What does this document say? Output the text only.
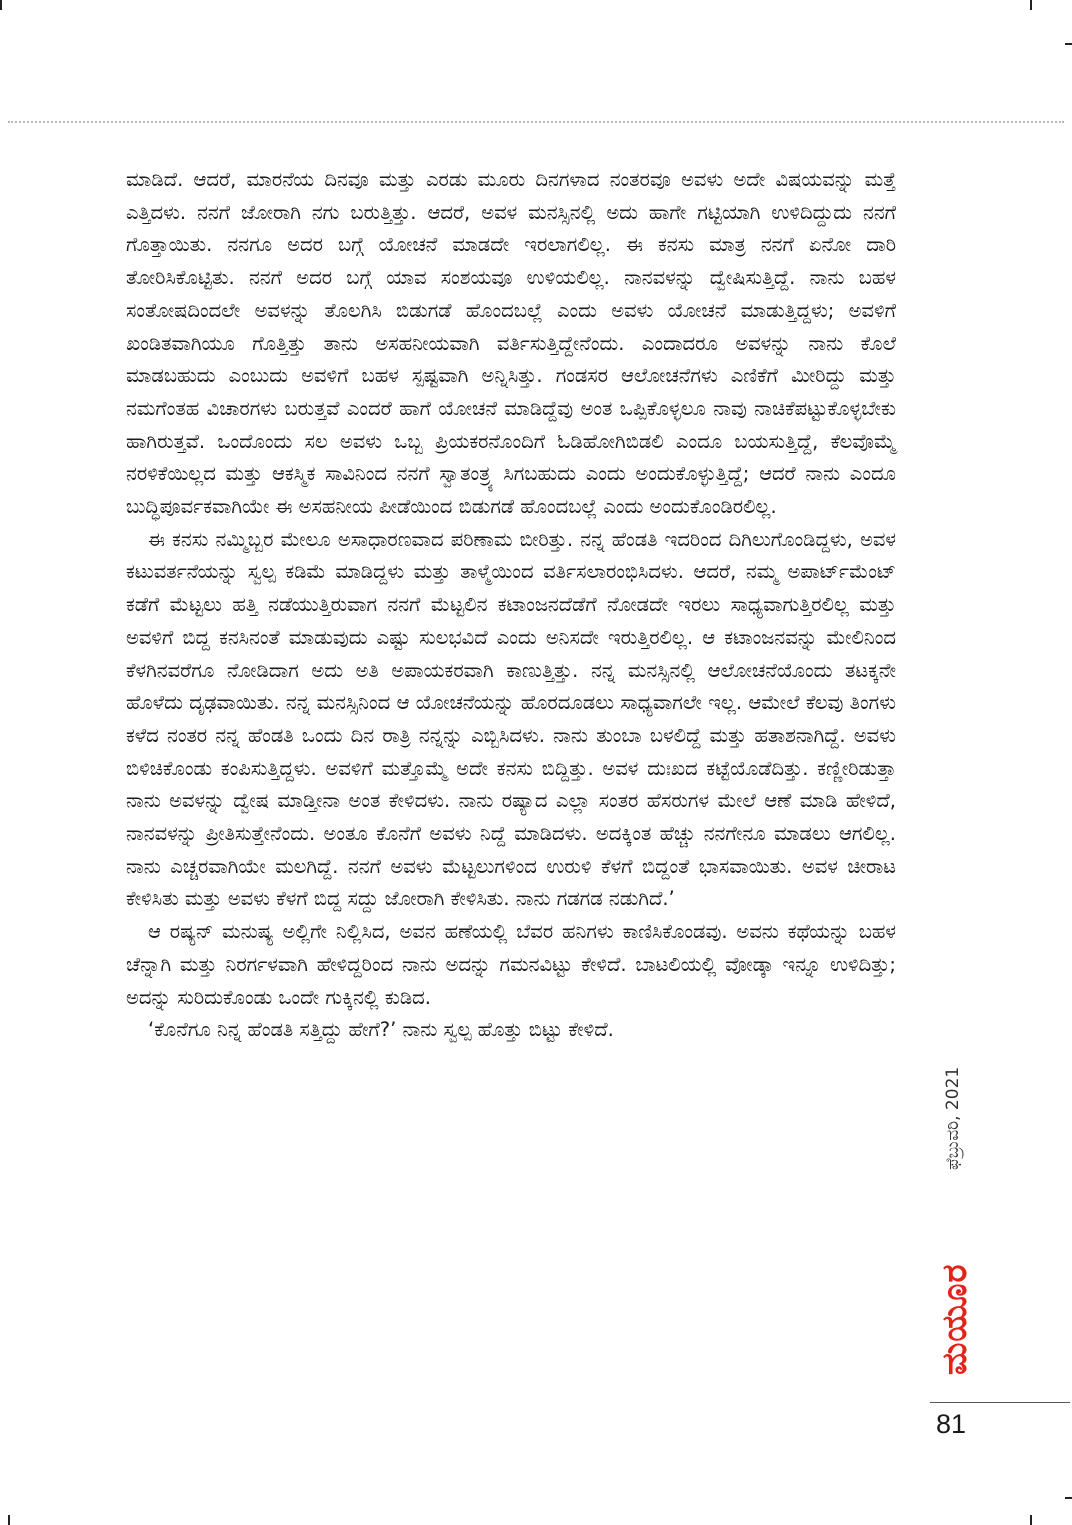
ಮಾಡಿದೆ. ಆದರೆ, ಮಾರನೆಯ ದಿನವೂ ಮತ್ತು ಎರಡು ಮೂರು ದಿನಗಳಾದ ನಂತರವೂ ಅವಳು ಅದೇ ವಿಷಯವನ್ನು ಮತ್ತೆ ಎತ್ತಿದಳು. ನನಗೆ ಜೋರಾಗಿ ನಗು ಬರುತ್ತಿತ್ತು. ಆದರೆ, ಅವಳ ಮನಸ್ಸಿನಲ್ಲಿ ಅದು ಹಾಗೇ ಗಟ್ಟಿಯಾಗಿ ಉಳಿದಿದ್ದುದು ನನಗೆ ಗೊತ್ತಾಯಿತು. ನನಗೂ ಅದರ ಬಗ್ಗೆ ಯೋಚನೆ ಮಾಡದೇ ಇರಲಾಗಲಿಲ್ಲ. ಈ ಕನಸು ಮಾತ್ರ ನನಗೆ ಏನೋ ದಾರಿ ತೋರಿಸಿಕೊಟ್ಟಿತು. ನನಗೆ ಅದರ ಬಗ್ಗೆ ಯಾವ ಸಂಶಯವೂ ಉಳಿಯಲಿಲ್ಲ. ನಾನವಳನ್ನು ದ್ವೇಷಿಸುತ್ತಿದ್ದೆ. ನಾನು ಬಹಳ ಸಂತೋಷದಿಂದಲೇ ಅವಳನ್ನು ತೊಲಗಿಸಿ ಬಿಡುಗಡೆ ಹೊಂದಬಲ್ಲೆ ಎಂದು ಅವಳು ಯೋಚನೆ ಮಾಡುತ್ತಿದ್ದಳು; ಅವಳಿಗೆ ಖಂಡಿತವಾಗಿಯೂ ಗೊತ್ತಿತ್ತು ತಾನು ಅಸಹನೀಯವಾಗಿ ವರ್ತಿಸುತ್ತಿದ್ದೇನೆಂದು. ಎಂದಾದರೂ ಅವಳನ್ನು ನಾನು ಕೊಲೆ ಮಾಡಬಹುದು ಎಂಬುದು ಅವಳಿಗೆ ಬಹಳ ಸ್ಪಷ್ಟವಾಗಿ ಅನ್ನಿಸಿತ್ತು. ಗಂಡಸರ ಆಲೋಚನೆಗಳು ಎಣಿಕೆಗೆ ಮೀರಿದ್ದು ಮತ್ತು ನಮಗೆಂತಹ ವಿಚಾರಗಳು ಬರುತ್ತವೆ ಎಂದರೆ ಹಾಗೆ ಯೋಚನೆ ಮಾಡಿದ್ದೆವು ಅಂತ ಒಪ್ಪಿಕೊಳ್ಳಲೂ ನಾವು ನಾಚಿಕೆಪಟ್ಟುಕೊಳ್ಳಬೇಕು ಹಾಗಿರುತ್ತವೆ. ಒಂದೊಂದು ಸಲ ಅವಳು ಒಬ್ಬ ಪ್ರಿಯಕರನೊಂದಿಗೆ ಓಡಿಹೋಗಿಬಿಡಲಿ ಎಂದೂ ಬಯಸುತ್ತಿದ್ದೆ, ಕೆಲವೊಮ್ಮೆ ನರಳಿಕೆಯಿಲ್ಲದ ಮತ್ತು ಆಕಸ್ಮಿಕ ಸಾವಿನಿಂದ ನನಗೆ ಸ್ವಾತಂತ್ರ್ಯ ಸಿಗಬಹುದು ಎಂದು ಅಂದುಕೊಳ್ಳುತ್ತಿದ್ದೆ; ಆದರೆ ನಾನು ಎಂದೂ ಬುದ್ಧಿಪೂರ್ವಕವಾಗಿಯೇ ಈ ಅಸಹನೀಯ ಪೀಡೆಯಿಂದ ಬಿಡುಗಡೆ ಹೊಂದಬಲ್ಲೆ ಎಂದು ಅಂದುಕೊಂಡಿರಲಿಲ್ಲ.

ಈ ಕನಸು ನಮ್ಮಿಬ್ಬರ ಮೇಲೂ ಅಸಾಧಾರಣವಾದ ಪರಿಣಾಮ ಬೀರಿತ್ತು. ನನ್ನ ಹೆಂಡತಿ ಇದರಿಂದ ದಿಗಿಲುಗೊಂಡಿದ್ದಳು, ಅವಳ ಕಟುವರ್ತನೆಯನ್ನು ಸ್ವಲ್ಪ ಕಡಿಮೆ ಮಾಡಿದ್ದಳು ಮತ್ತು ತಾಳ್ಮೆಯಿಂದ ವರ್ತಿಸಲಾರಂಭಿಸಿದಳು. ಆದರೆ, ನಮ್ಮ ಅಪಾರ್ಟ್‌ಮೆಂಟ್ ಕಡೆಗೆ ಮೆಟ್ಟಲು ಹತ್ತಿ ನಡೆಯುತ್ತಿರುವಾಗ ನನಗೆ ಮೆಟ್ಟಲಿನ ಕಟಾಂಜನದೆಡೆಗೆ ನೋಡದೇ ಇರಲು ಸಾಧ್ಯವಾಗುತ್ತಿರಲಿಲ್ಲ ಮತ್ತು ಅವಳಿಗೆ ಬಿದ್ದ ಕನಸಿನಂತೆ ಮಾಡುವುದು ಎಷ್ಟು ಸುಲಭವಿದೆ ಎಂದು ಅನಿಸದೇ ಇರುತ್ತಿರಲಿಲ್ಲ. ಆ ಕಟಾಂಜನವನ್ನು ಮೇಲಿನಿಂದ ಕೆಳಗಿನವರೆಗೂ ನೋಡಿದಾಗ ಅದು ಅತಿ ಅಪಾಯಕರವಾಗಿ ಕಾಣುತ್ತಿತ್ತು. ನನ್ನ ಮನಸ್ಸಿನಲ್ಲಿ ಆಲೋಚನೆಯೊಂದು ತಟಕ್ಕನೇ ಹೊಳೆದು ದೃಢವಾಯಿತು. ನನ್ನ ಮನಸ್ಸಿನಿಂದ ಆ ಯೋಚನೆಯನ್ನು ಹೊರದೂಡಲು ಸಾಧ್ಯವಾಗಲೇ ಇಲ್ಲ. ಆಮೇಲೆ ಕೆಲವು ತಿಂಗಳು ಕಳೆದ ನಂತರ ನನ್ನ ಹೆಂಡತಿ ಒಂದು ದಿನ ರಾತ್ರಿ ನನ್ನನ್ನು ಎಬ್ಬಿಸಿದಳು. ನಾನು ತುಂಬಾ ಬಳಲಿದ್ದೆ ಮತ್ತು ಹತಾಶನಾಗಿದ್ದೆ. ಅವಳು ಬಿಳಿಚಿಕೊಂಡು ಕಂಪಿಸುತ್ತಿದ್ದಳು. ಅವಳಿಗೆ ಮತ್ತೊಮ್ಮೆ ಅದೇ ಕನಸು ಬಿದ್ದಿತ್ತು. ಅವಳ ದುಃಖದ ಕಟ್ಟೆಯೊಡೆದಿತ್ತು. ಕಣ್ಣೀರಿಡುತ್ತಾ ನಾನು ಅವಳನ್ನು ದ್ವೇಷ ಮಾಡ್ತೀನಾ ಅಂತ ಕೇಳಿದಳು. ನಾನು ರಷ್ಯಾದ ಎಲ್ಲಾ ಸಂತರ ಹೆಸರುಗಳ ಮೇಲೆ ಆಣೆ ಮಾಡಿ ಹೇಳಿದೆ, ನಾನವಳನ್ನು ಪ್ರೀತಿಸುತ್ತೇನೆಂದು. ಅಂತೂ ಕೊನೆಗೆ ಅವಳು ನಿದ್ದೆ ಮಾಡಿದಳು. ಅದಕ್ಕಿಂತ ಹೆಚ್ಚು ನನಗೇನೂ ಮಾಡಲು ಆಗಲಿಲ್ಲ. ನಾನು ಎಚ್ಚರವಾಗಿಯೇ ಮಲಗಿದ್ದೆ. ನನಗೆ ಅವಳು ಮೆಟ್ಟಲುಗಳಿಂದ ಉರುಳಿ ಕೆಳಗೆ ಬಿದ್ದಂತೆ ಭಾಸವಾಯಿತು. ಅವಳ ಚೀರಾಟ ಕೇಳಿಸಿತು ಮತ್ತು ಅವಳು ಕೆಳಗೆ ಬಿದ್ದ ಸದ್ದು ಜೋರಾಗಿ ಕೇಳಿಸಿತು. ನಾನು ಗಡಗಡ ನಡುಗಿದೆ.’

ಆ ರಷ್ಯನ್ ಮನುಷ್ಯ ಅಲ್ಲಿಗೇ ನಿಲ್ಲಿಸಿದ, ಅವನ ಹಣೆಯಲ್ಲಿ ಬೆವರ ಹನಿಗಳು ಕಾಣಿಸಿಕೊಂಡವು. ಅವನು ಕಥೆಯನ್ನು ಬಹಳ ಚೆನ್ನಾಗಿ ಮತ್ತು ನಿರರ್ಗಳವಾಗಿ ಹೇಳಿದ್ದರಿಂದ ನಾನು ಅದನ್ನು ಗಮನವಿಟ್ಟು ಕೇಳಿದೆ. ಬಾಟಲಿಯಲ್ಲಿ ವೋಡ್ಕಾ ಇನ್ನೂ ಉಳಿದಿತ್ತು; ಅದನ್ನು ಸುರಿದುಕೊಂಡು ಒಂದೇ ಗುಕ್ಕಿನಲ್ಲಿ ಕುಡಿದ.

‘ಕೊನೆಗೂ ನಿನ್ನ ಹೆಂಡತಿ ಸತ್ತಿದ್ದು ಹೇಗೆ?’ ನಾನು ಸ್ವಲ್ಪ ಹೊತ್ತು ಬಿಟ್ಟು ಕೇಳಿದೆ.

ಫೆಬ್ರುವರಿ, 2021
ಮಯೂರ
81
